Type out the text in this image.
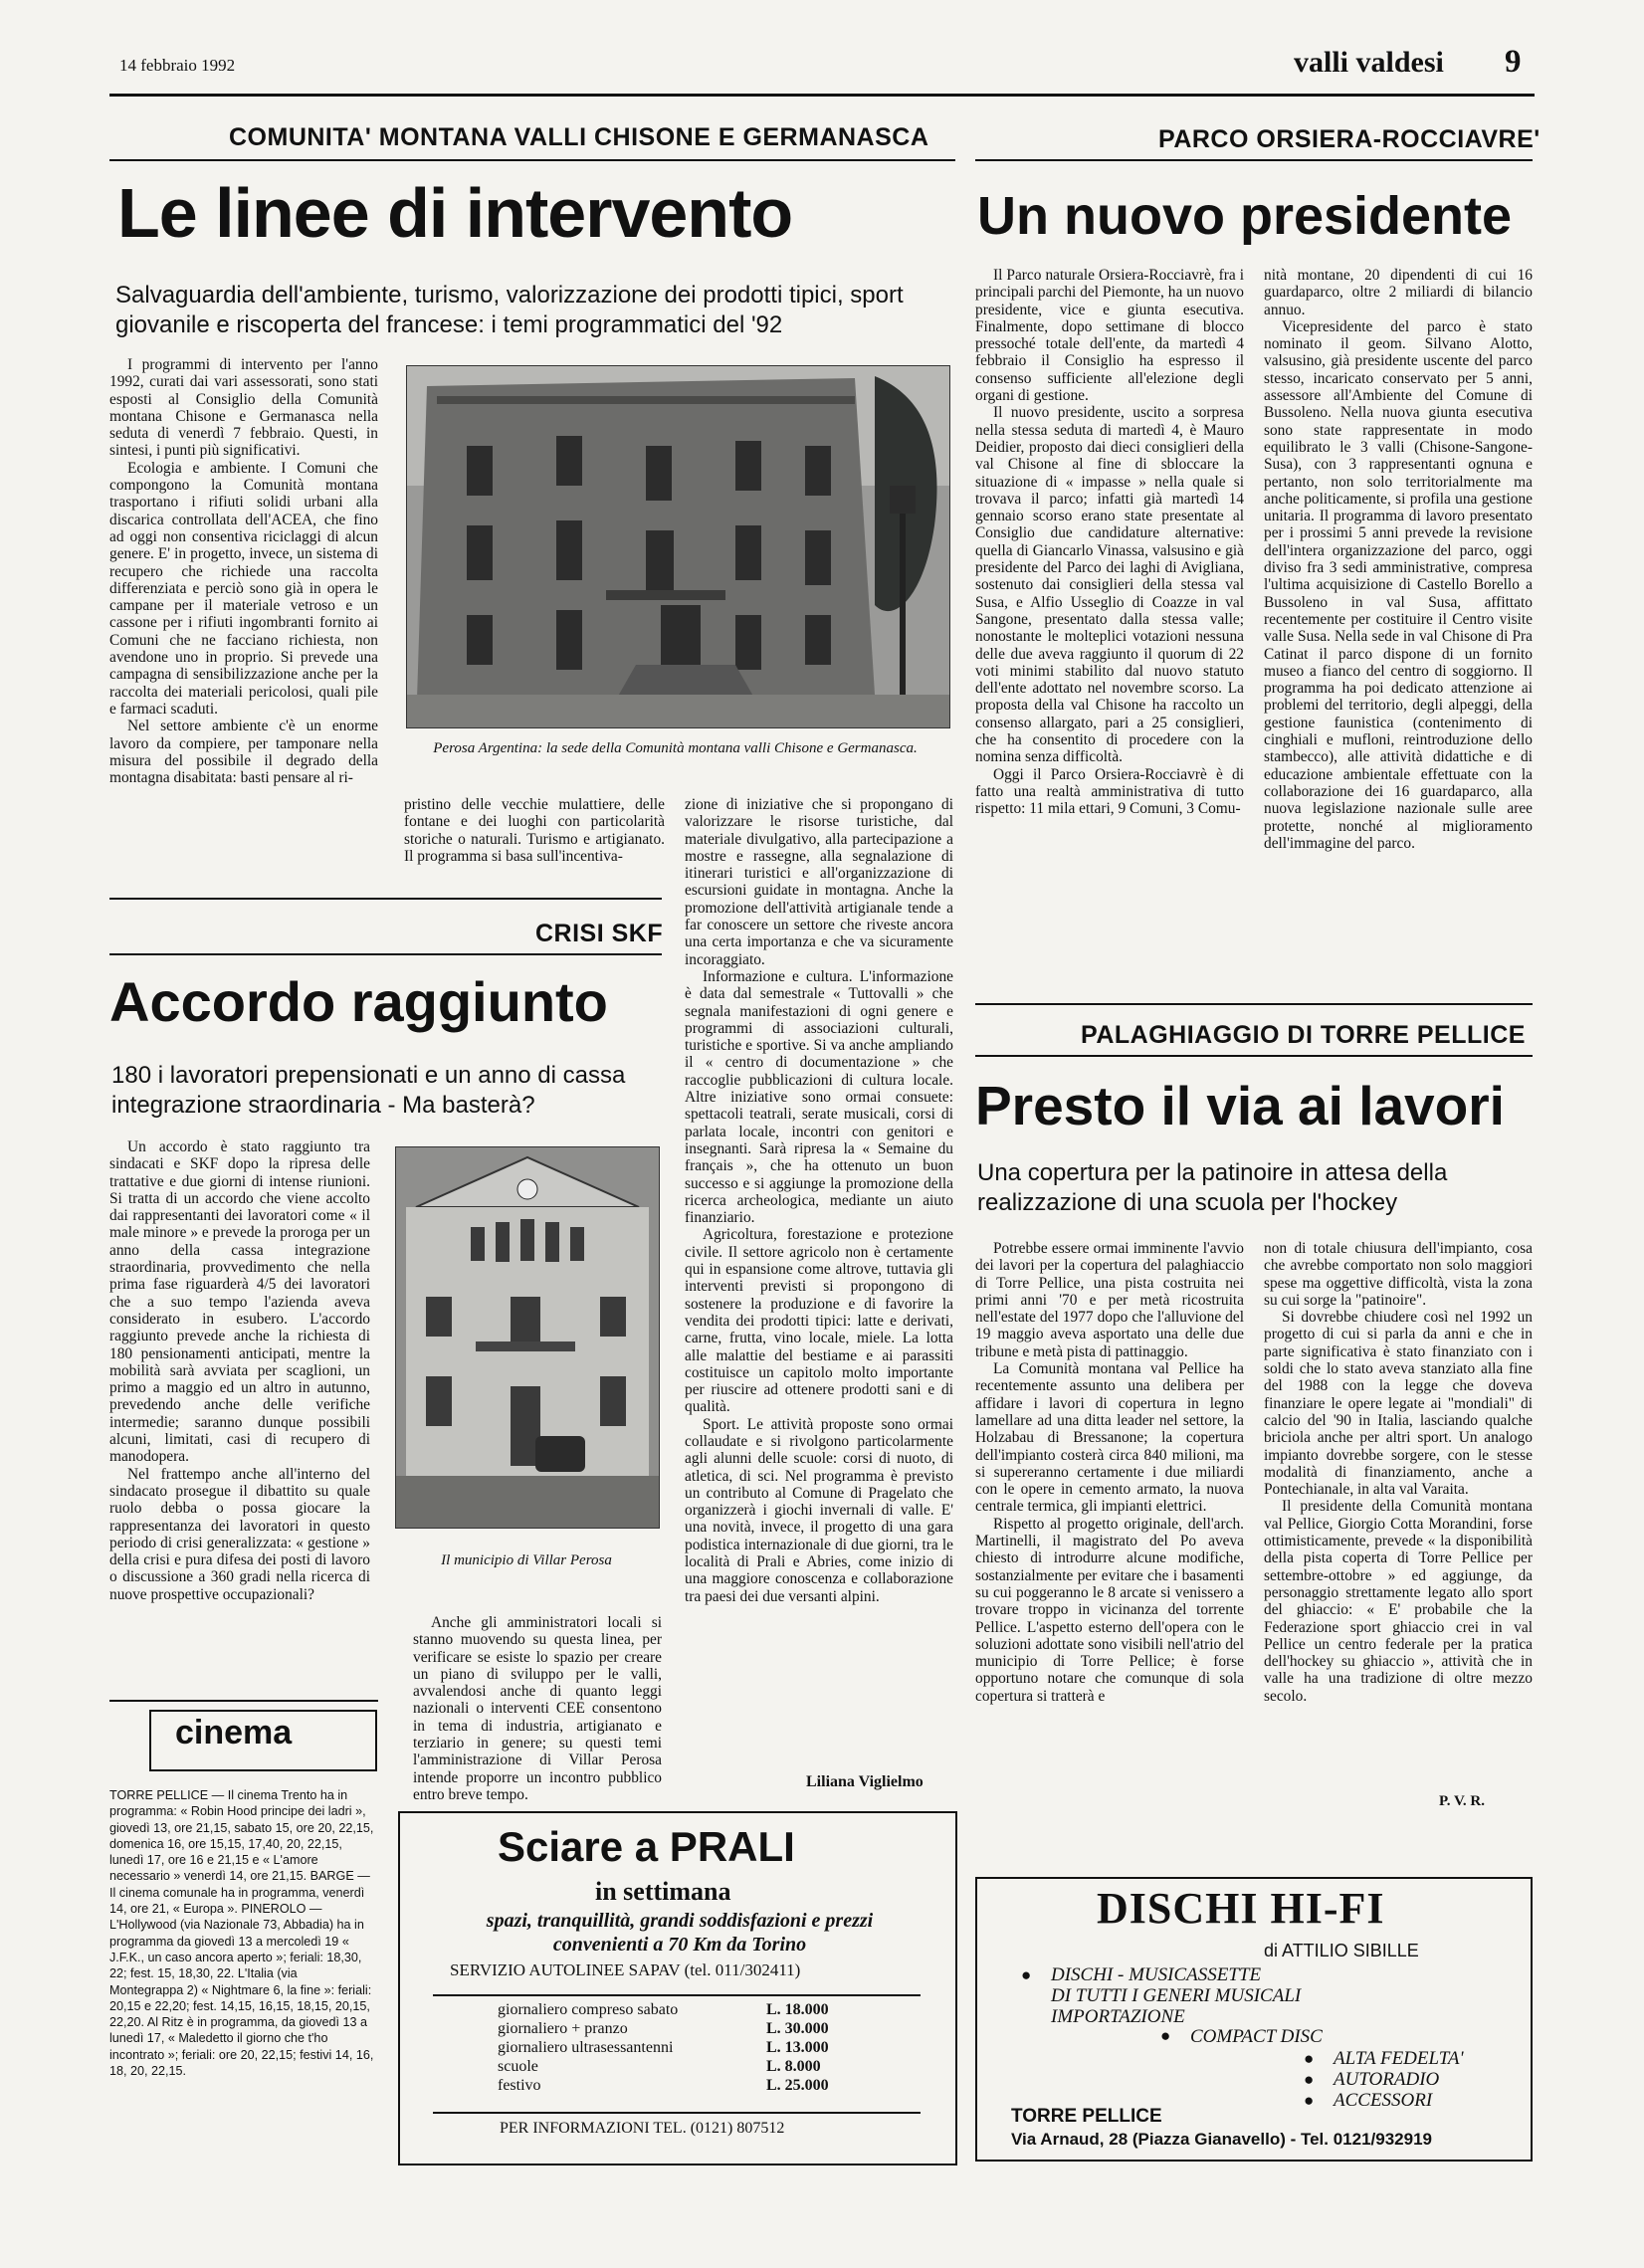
14 febbraio 1992	valli valdesi 9
COMUNITA' MONTANA VALLI CHISONE E GERMANASCA
Le linee di intervento
Salvaguardia dell'ambiente, turismo, valorizzazione dei prodotti tipici, sport giovanile e riscoperta del francese: i temi programmatici del '92

I programmi di intervento per l'anno 1992, curati dai vari assessorati, sono stati esposti al Consiglio della Comunità montana Chisone e Germanasca nella seduta di venerdì 7 febbraio. Questi, in sintesi, i punti più significativi.

Ecologia e ambiente. I Comuni che compongono la Comunità montana trasportano i rifiuti solidi urbani alla discarica controllata dell'ACEA, che fino ad oggi non consentiva riciclaggi di alcun genere. E' in progetto, invece, un sistema di recupero che richiede una raccolta differenziata e perciò sono già in opera le campane per il materiale vetroso e un cassone per i rifiuti ingombranti fornito ai Comuni che ne facciano richiesta, non avendone uno in proprio. Si prevede una campagna di sensibilizzazione anche per la raccolta dei materiali pericolosi, quali pile e farmaci scaduti.

Nel settore ambiente c'è un enorme lavoro da compiere, per tamponare nella misura del possibile il degrado della montagna disabitata: basti pensare al ri-

Perosa Argentina: la sede della Comunità montana valli Chisone e Germanasca.

pristino delle vecchie mulattiere, delle fontane e dei luoghi con particolarità storiche o naturali. Turismo e artigianato. Il programma si basa sull'incentiva-

zione di iniziative che si propongano di valorizzare le risorse turistiche, dal materiale divulgativo, alla partecipazione a mostre e rassegne, alla segnalazione di itinerari turistici e all'organizzazione di escursioni guidate in montagna. Anche la promozione dell'attività artigianale tende a far conoscere un settore che riveste ancora una certa importanza e che va sicuramente incoraggiato.

Informazione e cultura. L'informazione è data dal semestrale « Tuttovalli » che segnala manifestazioni di ogni genere e programmi di associazioni culturali, turistiche e sportive. Si va anche ampliando il « centro di documentazione » che raccoglie pubblicazioni di cultura locale. Altre iniziative sono ormai consuete: spettacoli teatrali, serate musicali, corsi di parlata locale, incontri con genitori e insegnanti. Sarà ripresa la « Semaine du français », che ha ottenuto un buon successo e si aggiunge la promozione della ricerca archeologica, mediante un aiuto finanziario.

Agricoltura, forestazione e protezione civile. Il settore agricolo non è certamente qui in espansione come altrove, tuttavia gli interventi previsti si propongono di sostenere la produzione e di favorire la vendita dei prodotti tipici: latte e derivati, carne, frutta, vino locale, miele. La lotta alle malattie del bestiame e ai parassiti costituisce un capitolo molto importante per riuscire ad ottenere prodotti sani e di qualità.

Sport. Le attività proposte sono ormai collaudate e si rivolgono particolarmente agli alunni delle scuole: corsi di nuoto, di atletica, di sci. Nel programma è previsto un contributo al Comune di Pragelato che organizzerà i giochi invernali di valle. E' una novità, invece, il progetto di una gara podistica internazionale di due giorni, tra le località di Prali e Abries, come inizio di una maggiore conoscenza e collaborazione tra paesi dei due versanti alpini.

Liliana Viglielmo
CRISI SKF
Accordo raggiunto
180 i lavoratori prepensionati e un anno di cassa integrazione straordinaria - Ma basterà?

Un accordo è stato raggiunto tra sindacati e SKF dopo la ripresa delle trattative e due giorni di intense riunioni. Si tratta di un accordo che viene accolto dai rappresentanti dei lavoratori come « il male minore » e prevede la proroga per un anno della cassa integrazione straordinaria, provvedimento che nella prima fase riguarderà 4/5 dei lavoratori che a suo tempo l'azienda aveva considerato in esubero. L'accordo raggiunto prevede anche la richiesta di 180 pensionamenti anticipati, mentre la mobilità sarà avviata per scaglioni, un primo a maggio ed un altro in autunno, prevedendo anche delle verifiche intermedie; saranno dunque possibili alcuni, limitati, casi di recupero di manodopera.

Nel frattempo anche all'interno del sindacato prosegue il dibattito su quale ruolo debba o possa giocare la rappresentanza dei lavoratori in questo periodo di crisi generalizzata: « gestione » della crisi e pura difesa dei posti di lavoro o discussione a 360 gradi nella ricerca di nuove prospettive occupazionali?

Il municipio di Villar Perosa

Anche gli amministratori locali si stanno muovendo su questa linea, per verificare se esiste lo spazio per creare un piano di sviluppo per le valli, avvalendosi anche di quanto leggi nazionali o interventi CEE consentono in tema di industria, artigianato e terziario in genere; su questi temi l'amministrazione di Villar Perosa intende proporre un incontro pubblico entro breve tempo.

cinema

TORRE PELLICE — Il cinema Trento ha in programma: « Robin Hood principe dei ladri », giovedì 13, ore 21,15, sabato 15, ore 20, 22,15, domenica 16, ore 15,15, 17,40, 20, 22,15, lunedì 17, ore 16 e 21,15 e « L'amore necessario » venerdì 14, ore 21,15. BARGE — Il cinema comunale ha in programma, venerdì 14, ore 21, « Europa ». PINEROLO — L'Hollywood (via Nazionale 73, Abbadia) ha in programma da giovedì 13 a mercoledì 19 « J.F.K., un caso ancora aperto »; feriali: 18,30, 22; fest. 15, 18,30, 22. L'Italia (via Montegrappa 2) « Nightmare 6, la fine »: feriali: 20,15 e 22,20; fest. 14,15, 16,15, 18,15, 20,15, 22,20. Al Ritz è in programma, da giovedì 13 a lunedì 17, « Maledetto il giorno che t'ho incontrato »; feriali: ore 20, 22,15; festivi 14, 16, 18, 20, 22,15.

Sciare a PRALI
in settimana
spazi, tranquillità, grandi soddisfazioni e prezzi convenienti a 70 Km da Torino
SERVIZIO AUTOLINEE SAPAV (tel. 011/302411)
giornaliero compreso sabato	L. 18.000
giornaliero + pranzo	L. 30.000
giornaliero ultrasessantenni	L. 13.000
scuole	L. 8.000
festivo	L. 25.000
PER INFORMAZIONI TEL. (0121) 807512
PARCO ORSIERA-ROCCIAVRE'
Un nuovo presidente

Il Parco naturale Orsiera-Rocciavrè, fra i principali parchi del Piemonte, ha un nuovo presidente, vice e giunta esecutiva. Finalmente, dopo settimane di blocco pressoché totale dell'ente, da martedì 4 febbraio il Consiglio ha espresso il consenso sufficiente all'elezione degli organi di gestione.

Il nuovo presidente, uscito a sorpresa nella stessa seduta di martedì 4, è Mauro Deidier, proposto dai dieci consiglieri della val Chisone al fine di sbloccare la situazione di « impasse » nella quale si trovava il parco; infatti già martedì 14 gennaio scorso erano state presentate al Consiglio due candidature alternative: quella di Giancarlo Vinassa, valsusino e già presidente del Parco dei laghi di Avigliana, sostenuto dai consiglieri della stessa val Susa, e Alfio Usseglio di Coazze in val Sangone, presentato dalla stessa valle; nonostante le molteplici votazioni nessuna delle due aveva raggiunto il quorum di 22 voti minimi stabilito dal nuovo statuto dell'ente adottato nel novembre scorso. La proposta della val Chisone ha raccolto un consenso allargato, pari a 25 consiglieri, che ha consentito di procedere con la nomina senza difficoltà.

Oggi il Parco Orsiera-Rocciavrè è di fatto una realtà amministrativa di tutto rispetto: 11 mila ettari, 9 Comuni, 3 Comu-

nità montane, 20 dipendenti di cui 16 guardaparco, oltre 2 miliardi di bilancio annuo.

Vicepresidente del parco è stato nominato il geom. Silvano Alotto, valsusino, già presidente uscente del parco stesso, incaricato conservato per 5 anni, assessore all'Ambiente del Comune di Bussoleno. Nella nuova giunta esecutiva sono state rappresentate in modo equilibrato le 3 valli (Chisone-Sangone-Susa), con 3 rappresentanti ognuna e pertanto, non solo territorialmente ma anche politicamente, si profila una gestione unitaria. Il programma di lavoro presentato per i prossimi 5 anni prevede la revisione dell'intera organizzazione del parco, oggi diviso fra 3 sedi amministrative, compresa l'ultima acquisizione di Castello Borello a Bussoleno in val Susa, affittato recentemente per costituire il Centro visite valle Susa. Nella sede in val Chisone di Pra Catinat il parco dispone di un fornito museo a fianco del centro di soggiorno. Il programma ha poi dedicato attenzione ai problemi del territorio, degli alpeggi, della gestione faunistica (contenimento di cinghiali e mufloni, reintroduzione dello stambecco), alle attività didattiche e di educazione ambientale effettuate con la collaborazione dei 16 guardaparco, alla nuova legislazione nazionale sulle aree protette, nonché al miglioramento dell'immagine del parco.

PALAGHIAGGIO DI TORRE PELLICE
Presto il via ai lavori
Una copertura per la patinoire in attesa della realizzazione di una scuola per l'hockey

Potrebbe essere ormai imminente l'avvio dei lavori per la copertura del palaghiaccio di Torre Pellice, una pista costruita nei primi anni '70 e per metà ricostruita nell'estate del 1977 dopo che l'alluvione del 19 maggio aveva asportato una delle due tribune e metà pista di pattinaggio.

La Comunità montana val Pellice ha recentemente assunto una delibera per affidare i lavori di copertura in legno lamellare ad una ditta leader nel settore, la Holzabau di Bressanone; la copertura dell'impianto costerà circa 840 milioni, ma si supereranno certamente i due miliardi con le opere in cemento armato, la nuova centrale termica, gli impianti elettrici.

Rispetto al progetto originale, dell'arch. Martinelli, il magistrato del Po aveva chiesto di introdurre alcune modifiche, sostanzialmente per evitare che i basamenti su cui poggeranno le 8 arcate si venissero a trovare troppo in vicinanza del torrente Pellice. L'aspetto esterno dell'opera con le soluzioni adottate sono visibili nell'atrio del municipio di Torre Pellice; è forse opportuno notare che comunque di sola copertura si tratterà e

non di totale chiusura dell'impianto, cosa che avrebbe comportato non solo maggiori spese ma oggettive difficoltà, vista la zona su cui sorge la "patinoire".

Si dovrebbe chiudere così nel 1992 un progetto di cui si parla da anni e che in parte significativa è stato finanziato con i soldi che lo stato aveva stanziato alla fine del 1988 con la legge che doveva finanziare le opere legate ai "mondiali" di calcio del '90 in Italia, lasciando qualche briciola anche per altri sport. Un analogo impianto dovrebbe sorgere, con le stesse modalità di finanziamento, anche a Pontechianale, in alta val Varaita.

Il presidente della Comunità montana val Pellice, Giorgio Cotta Morandini, forse ottimisticamente, prevede « la disponibilità della pista coperta di Torre Pellice per settembre-ottobre » ed aggiunge, da personaggio strettamente legato allo sport del ghiaccio: « E' probabile che la Federazione sport ghiaccio crei in val Pellice un centro federale per la pratica dell'hockey su ghiaccio », attività che in valle ha una tradizione di oltre mezzo secolo.

P. V. R.
DISCHI HI-FI
di ATTILIO SIBILLE
● DISCHI - MUSICASSETTE
DI TUTTI I GENERI MUSICALI
IMPORTAZIONE
● COMPACT DISC
● ALTA FEDELTA'
● AUTORADIO
● ACCESSORI
TORRE PELLICE
Via Arnaud, 28 (Piazza Gianavello) - Tel. 0121/932919
